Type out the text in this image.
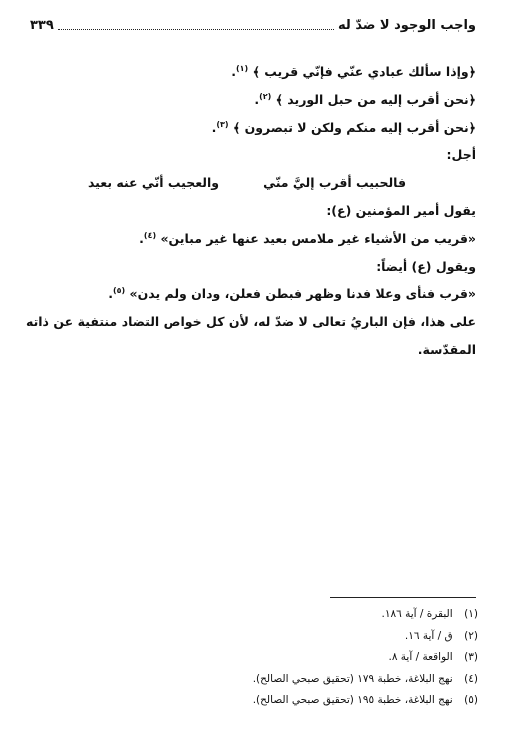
واجب الوجود لا ضدّ له
٣٣٩
﴿وإذا سألك عبادي عنّي فإنّي قريب ﴾ $^{(١)}$.
﴿نحن أقرب إليه من حبل الوريد ﴾ $^{(٢)}$.
﴿نحن أقرب إليه منكم ولكن لا تبصرون ﴾ $^{(٣)}$.
أجل:
فالحبيب أقرب إليَّ منّي
والعجيب أنّي عنه بعيد
يقول أمير المؤمنين (ع):
«قريب من الأشياء غير ملامس بعيد عنها غير مباين» $^{(٤)}$.
ويقول (ع) أيضاً:
«قرب فنأى وعلا فدنا وظهر فبطن فعلن، ودان ولم يدن» $^{(٥)}$.
على هذا، فإن الباريُ تعالى لا ضدّ له، لأن كل خواص التضاد منتفية عن ذاته
المقدّسة.
(١) البقرة / آية ١٨٦.
(٢) ق / آية ١٦.
(٣) الواقعة / آية ٨.
(٤) نهج البلاغة، خطبة ١٧٩ (تحقيق صبحي الصالح).
(٥) نهج البلاغة، خطبة ١٩٥ (تحقيق صبحي الصالح).
